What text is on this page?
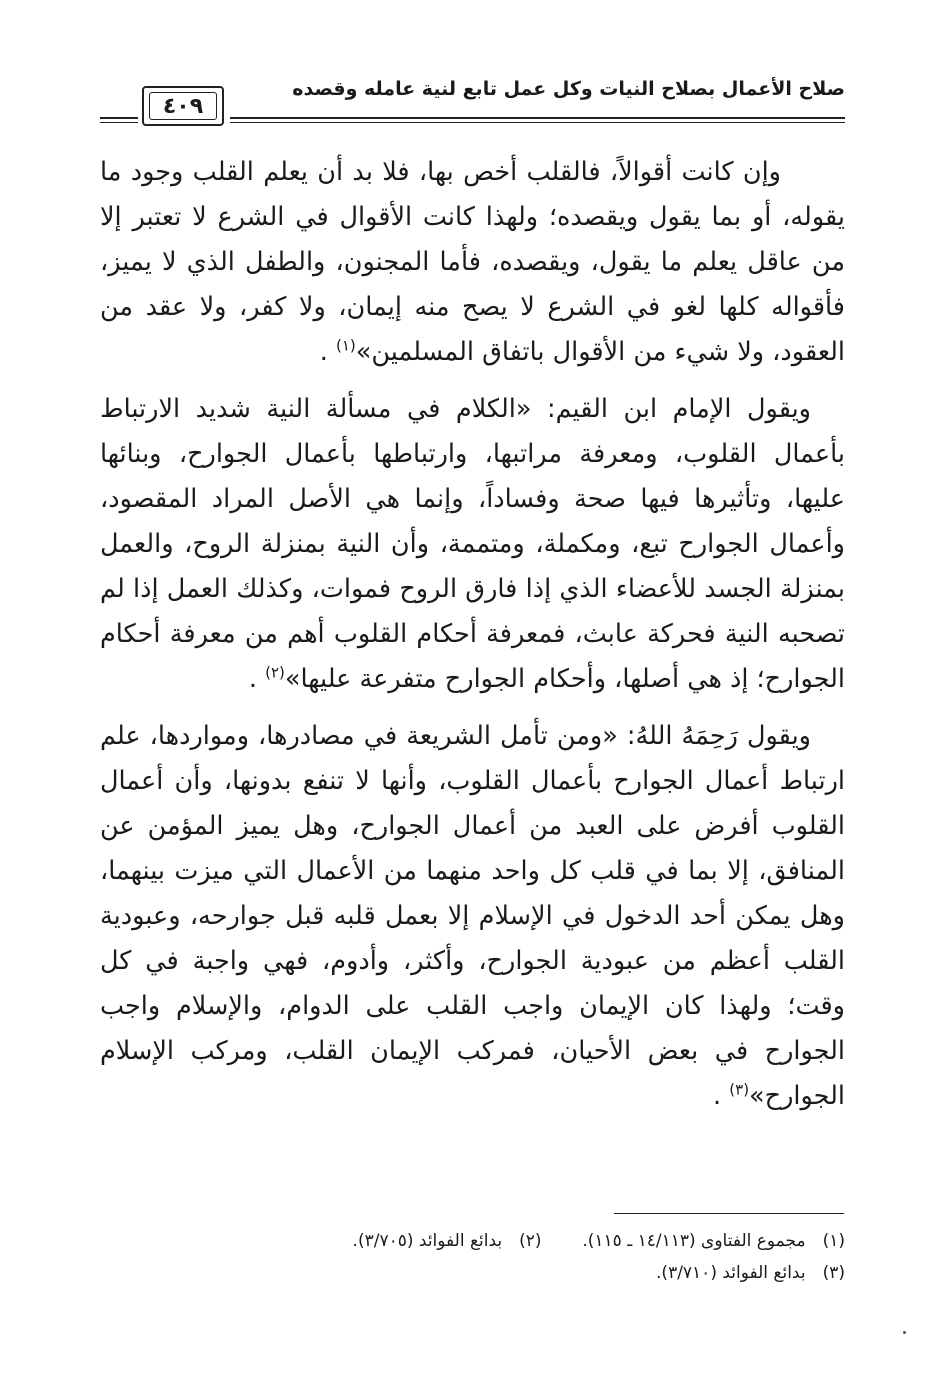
صلاح الأعمال بصلاح النيات وكل عمل تابع لنية عامله وقصده
٤٠٩

وإن كانت أقوالاً، فالقلب أخص بها، فلا بد أن يعلم القلب وجود ما يقوله، أو بما يقول ويقصده؛ ولهذا كانت الأقوال في الشرع لا تعتبر إلا من عاقل يعلم ما يقول، ويقصده، فأما المجنون، والطفل الذي لا يميز، فأقواله كلها لغو في الشرع لا يصح منه إيمان، ولا كفر، ولا عقد من العقود، ولا شيء من الأقوال باتفاق المسلمين»$^{(١)}$ .

ويقول الإمام ابن القيم: «الكلام في مسألة النية شديد الارتباط بأعمال القلوب، ومعرفة مراتبها، وارتباطها بأعمال الجوارح، وبنائها عليها، وتأثيرها فيها صحة وفساداً، وإنما هي الأصل المراد المقصود، وأعمال الجوارح تبع، ومكملة، ومتممة، وأن النية بمنزلة الروح، والعمل بمنزلة الجسد للأعضاء الذي إذا فارق الروح فموات، وكذلك العمل إذا لم تصحبه النية فحركة عابث، فمعرفة أحكام القلوب أهم من معرفة أحكام الجوارح؛ إذ هي أصلها، وأحكام الجوارح متفرعة عليها»$^{(٢)}$ .

ويقول رَحِمَهُ اللهُ: «ومن تأمل الشريعة في مصادرها، ومواردها، علم ارتباط أعمال الجوارح بأعمال القلوب، وأنها لا تنفع بدونها، وأن أعمال القلوب أفرض على العبد من أعمال الجوارح، وهل يميز المؤمن عن المنافق، إلا بما في قلب كل واحد منهما من الأعمال التي ميزت بينهما، وهل يمكن أحد الدخول في الإسلام إلا بعمل قلبه قبل جوارحه، وعبودية القلب أعظم من عبودية الجوارح، وأكثر، وأدوم، فهي واجبة في كل وقت؛ ولهذا كان الإيمان واجب القلب على الدوام، والإسلام واجب الجوارح في بعض الأحيان، فمركب الإيمان القلب، ومركب الإسلام الجوارح»$^{(٣)}$ .

(١) مجموع الفتاوى (١٤/١١٣ ـ ١١٥).  (٢) بدائع الفوائد (٣/٧٠٥).
(٣) بدائع الفوائد (٣/٧١٠).
